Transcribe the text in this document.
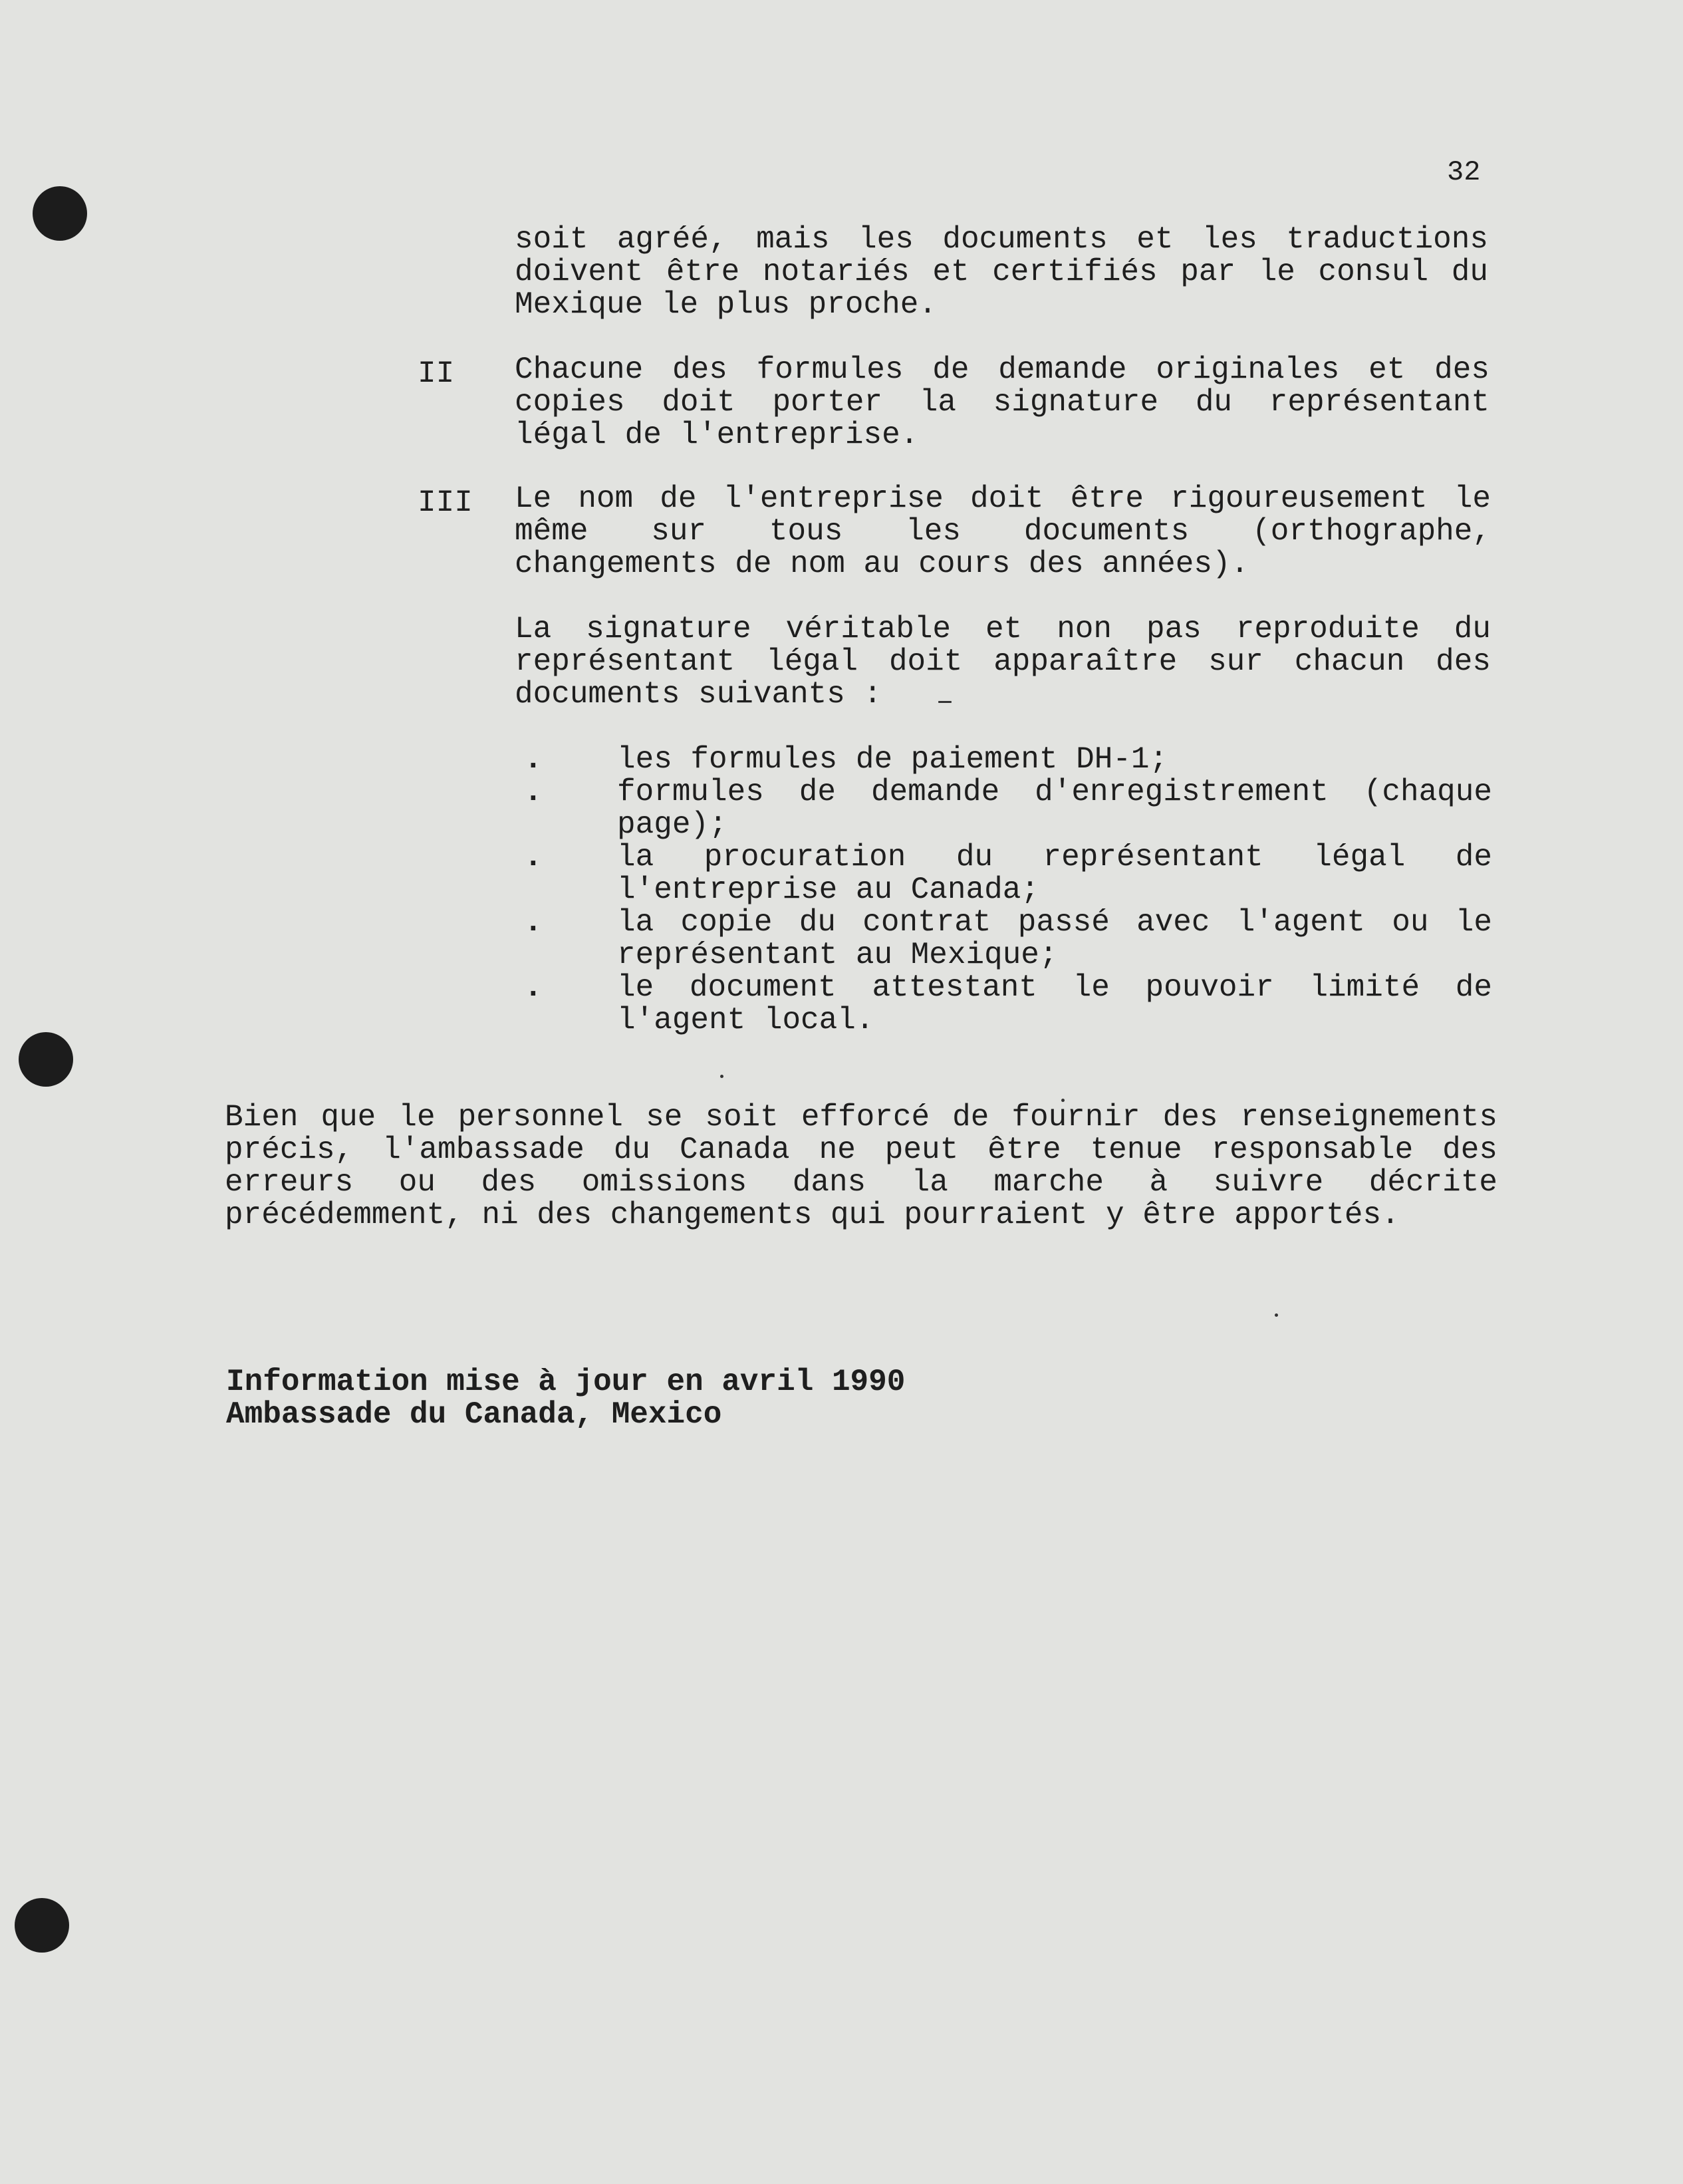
32
soit agréé, mais les documents et les traductions
doivent être notariés et certifiés par le consul du
Mexique le plus proche.
II Chacune des formules de demande originales et des
copies doit porter la signature du représentant
légal de l'entreprise.
III Le nom de l'entreprise doit être rigoureusement le
même sur tous les documents (orthographe,
changements de nom au cours des années).
La signature véritable et non pas reproduite du
représentant légal doit apparaître sur chacun des
documents suivants :
. les formules de paiement DH-1;
. formules de demande d'enregistrement (chaque
page);
. la procuration du représentant légal de
l'entreprise au Canada;
. la copie du contrat passé avec l'agent ou le
représentant au Mexique;
. le document attestant le pouvoir limité de
l'agent local.
Bien que le personnel se soit efforcé de fournir des renseignements
précis, l'ambassade du Canada ne peut être tenue responsable des
erreurs ou des omissions dans la marche à suivre décrite
précédemment, ni des changements qui pourraient y être apportés.
Information mise à jour en avril 1990
Ambassade du Canada, Mexico
